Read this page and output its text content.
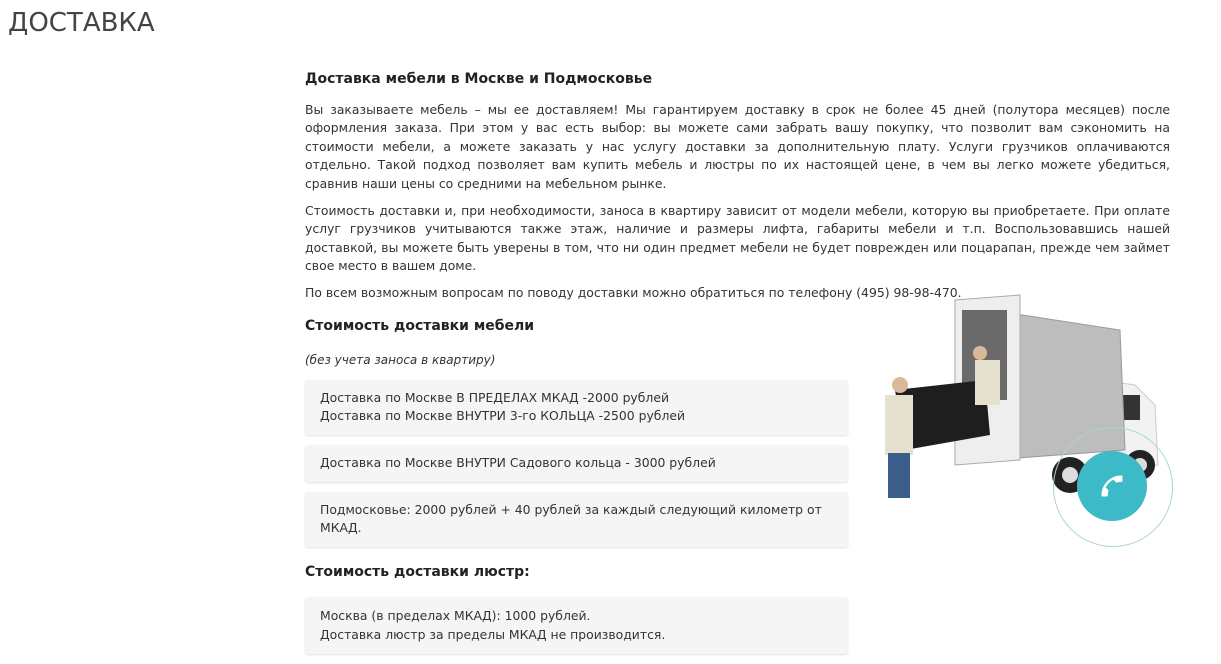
ДОСТАВКА
Доставка мебели в Москве и Подмосковье

Вы заказываете мебель – мы ее доставляем! Мы гарантируем доставку в срок не более 45 дней (полутора месяцев) после оформления заказа. При этом у вас есть выбор: вы можете сами забрать вашу покупку, что позволит вам сэкономить на стоимости мебели, а можете заказать у нас услугу доставки за дополнительную плату. Услуги грузчиков оплачиваются отдельно. Такой подход позволяет вам купить мебель и люстры по их настоящей цене, в чем вы легко можете убедиться, сравнив наши цены со средними на мебельном рынке.

Стоимость доставки и, при необходимости, заноса в квартиру зависит от модели мебели, которую вы приобретаете. При оплате услуг грузчиков учитываются также этаж, наличие и размеры лифта, габариты мебели и т.п. Воспользовавшись нашей доставкой, вы можете быть уверены в том, что ни один предмет мебели не будет поврежден или поцарапан, прежде чем займет свое место в вашем доме.

По всем возможным вопросам по поводу доставки можно обратиться по телефону (495) 98-98-470.

Стоимость доставки мебели
(без учета заноса в квартиру)
Доставка по Москве В ПРЕДЕЛАХ МКАД -2000 рублей
Доставка по Москве ВНУТРИ 3-го КОЛЬЦА -2500 рублей
Доставка по Москве ВНУТРИ Садового кольца - 3000 рублей
Подмосковье: 2000 рублей + 40 рублей за каждый следующий километр от МКАД.
Стоимость доставки люстр:
Москва (в пределах МКАД): 1000 рублей.
Доставка люстр за пределы МКАД не производится.
